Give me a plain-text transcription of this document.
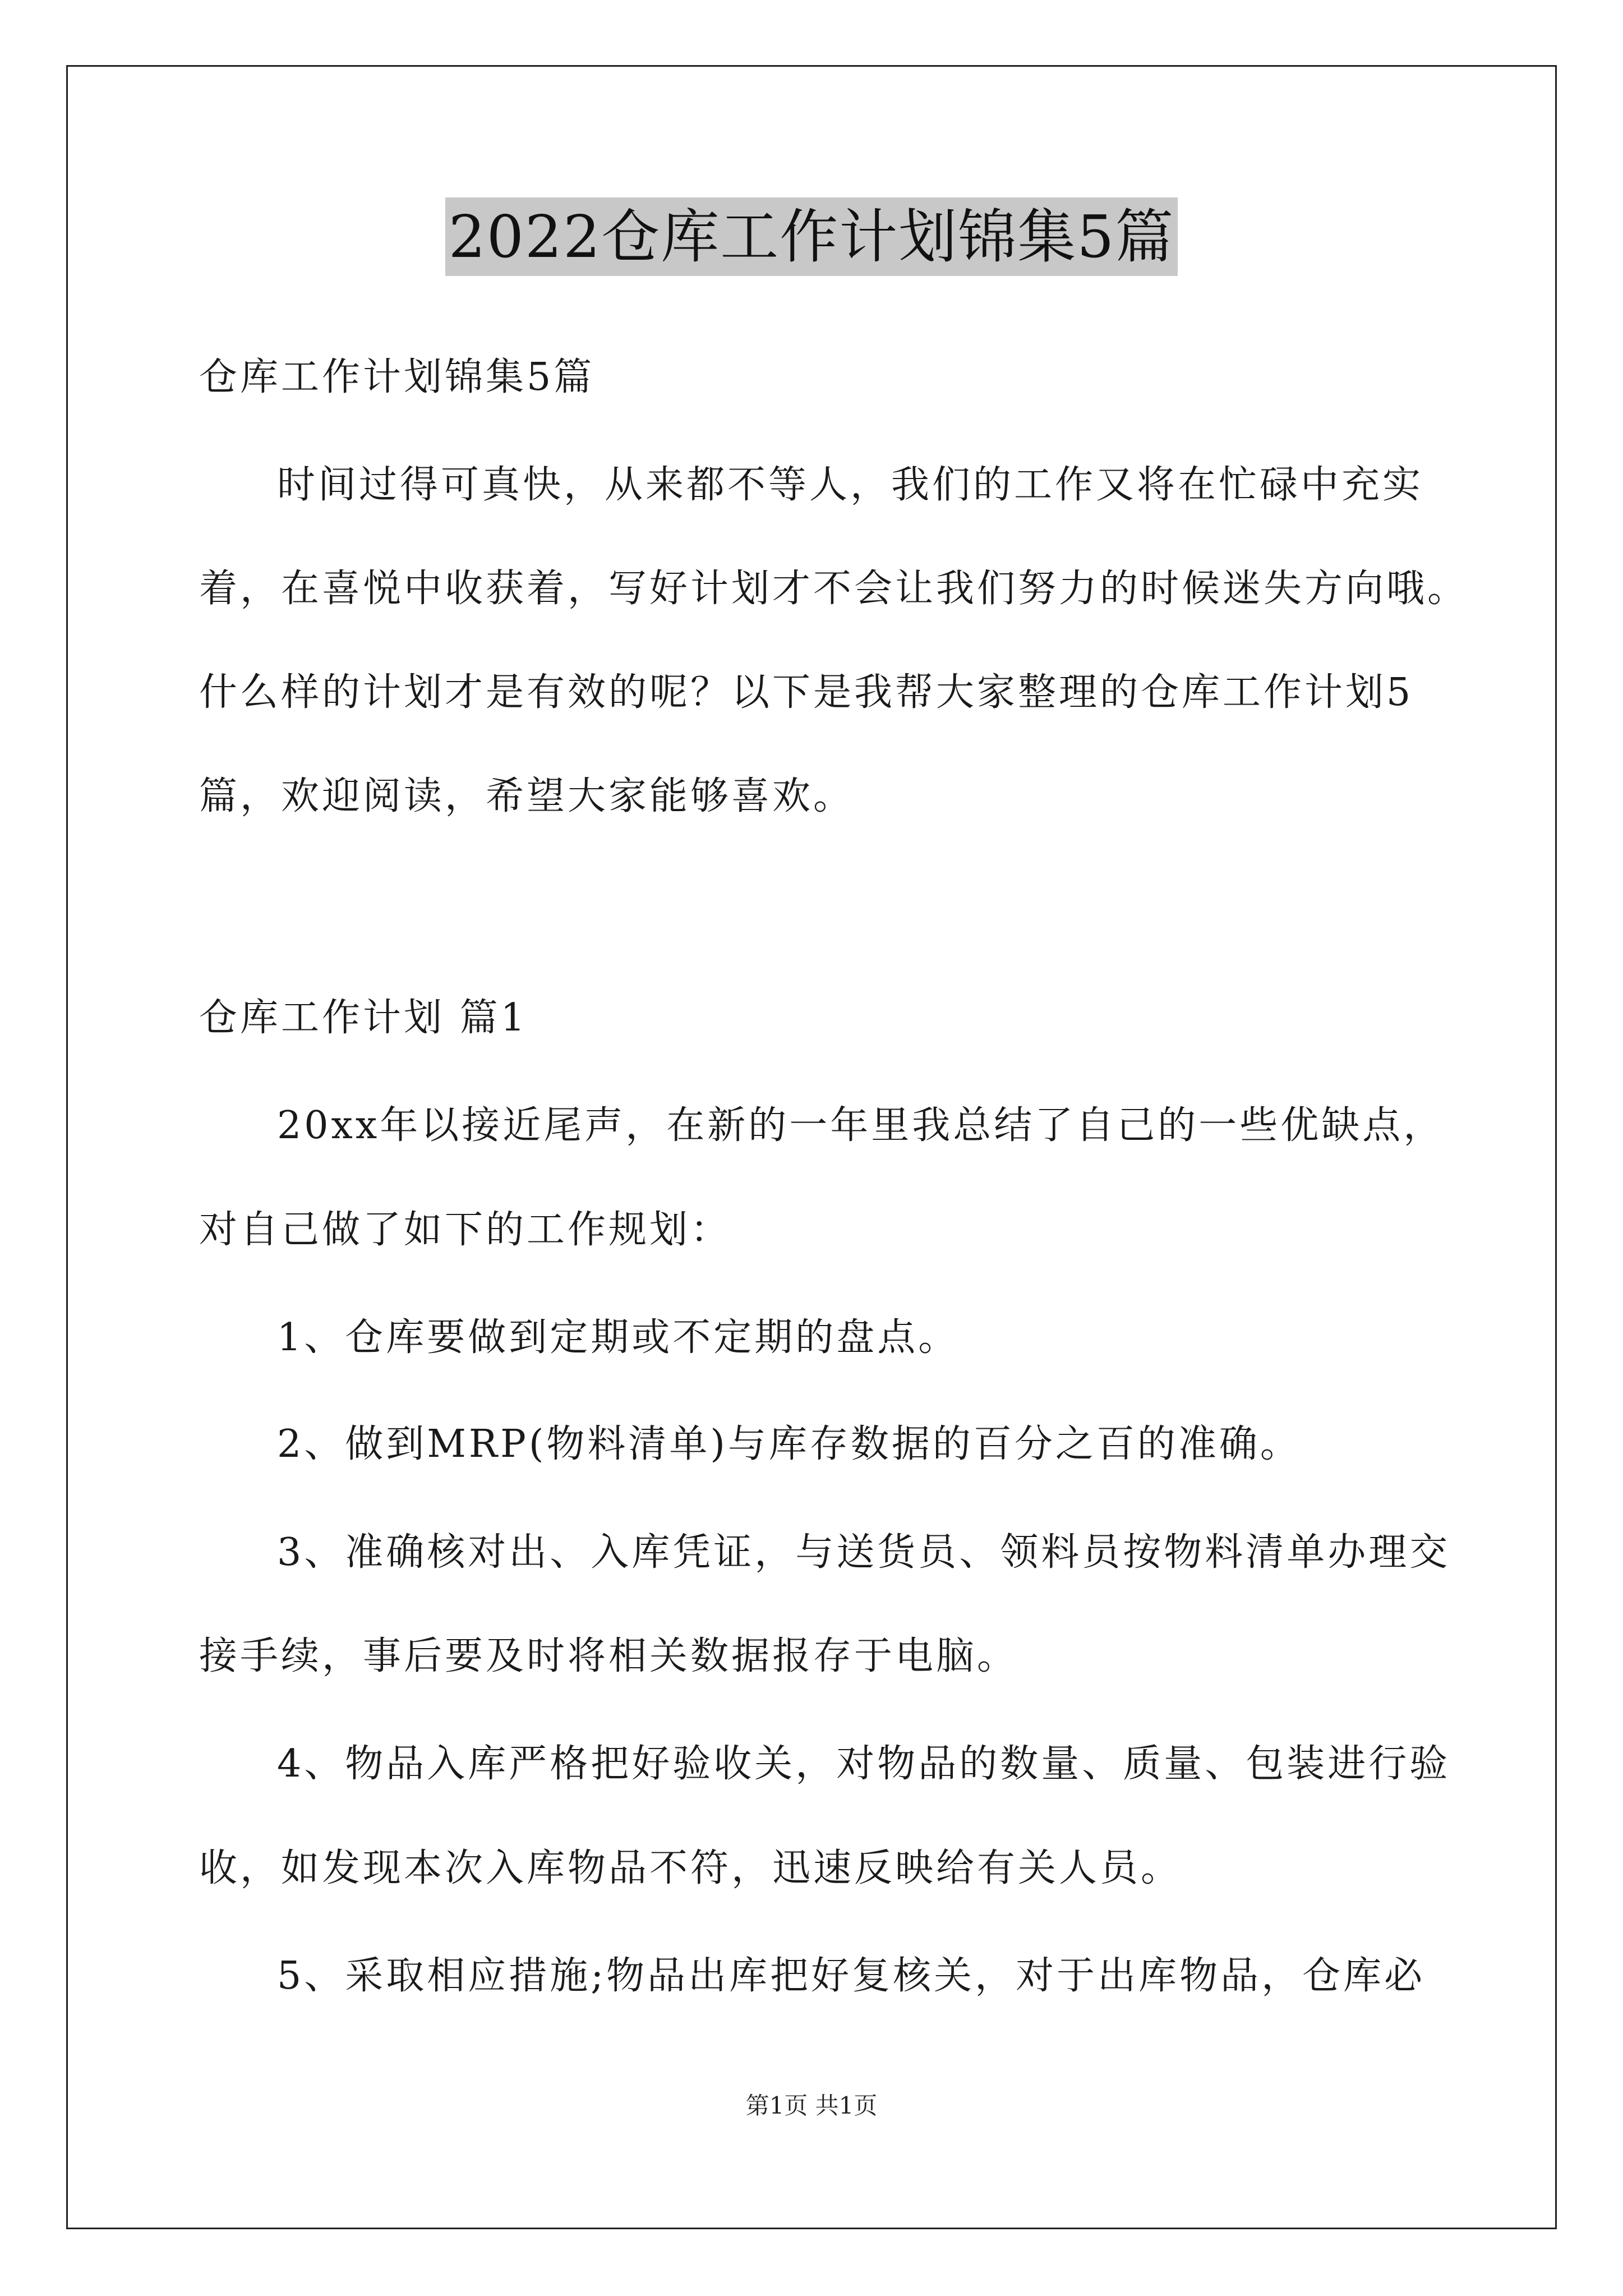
2022仓库工作计划锦集5篇
仓库工作计划锦集5篇
时间过得可真快，从来都不等人，我们的工作又将在忙碌中充实
着，在喜悦中收获着，写好计划才不会让我们努力的时候迷失方向哦。
什么样的计划才是有效的呢？以下是我帮大家整理的仓库工作计划5
篇，欢迎阅读，希望大家能够喜欢。
仓库工作计划 篇1
20xx年以接近尾声，在新的一年里我总结了自己的一些优缺点，
对自己做了如下的工作规划：
1、仓库要做到定期或不定期的盘点。
2、做到MRP(物料清单)与库存数据的百分之百的准确。
3、准确核对出、入库凭证，与送货员、领料员按物料清单办理交
接手续，事后要及时将相关数据报存于电脑。
4、物品入库严格把好验收关，对物品的数量、质量、包装进行验
收，如发现本次入库物品不符，迅速反映给有关人员。
5、采取相应措施;物品出库把好复核关，对于出库物品，仓库必
第1页 共1页
